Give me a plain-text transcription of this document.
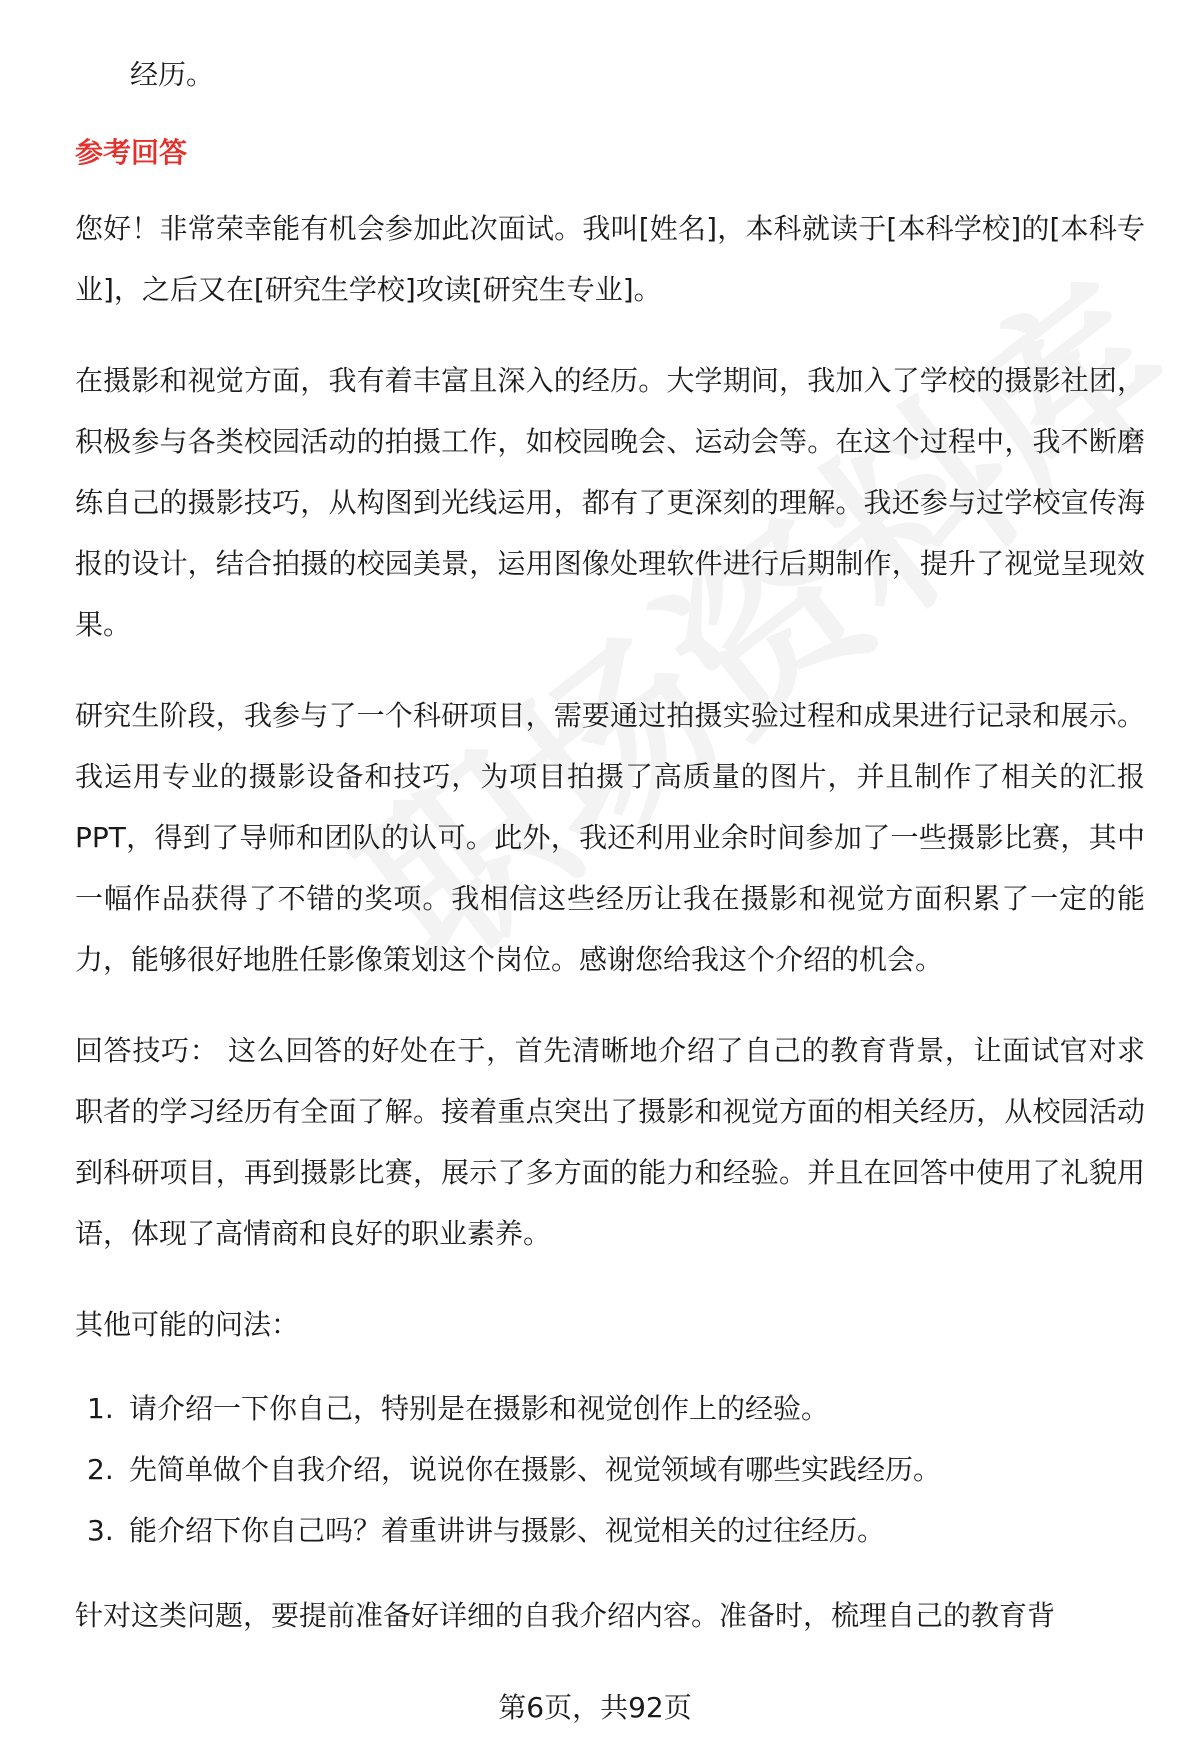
经历。

参考回答

您好！非常荣幸能有机会参加此次面试。我叫[姓名]，本科就读于[本科学校]的[本科专业]，之后又在[研究生学校]攻读[研究生专业]。

在摄影和视觉方面，我有着丰富且深入的经历。大学期间，我加入了学校的摄影社团，积极参与各类校园活动的拍摄工作，如校园晚会、运动会等。在这个过程中，我不断磨练自己的摄影技巧，从构图到光线运用，都有了更深刻的理解。我还参与过学校宣传海报的设计，结合拍摄的校园美景，运用图像处理软件进行后期制作，提升了视觉呈现效果。

研究生阶段，我参与了一个科研项目，需要通过拍摄实验过程和成果进行记录和展示。我运用专业的摄影设备和技巧，为项目拍摄了高质量的图片，并且制作了相关的汇报PPT，得到了导师和团队的认可。此外，我还利用业余时间参加了一些摄影比赛，其中一幅作品获得了不错的奖项。我相信这些经历让我在摄影和视觉方面积累了一定的能力，能够很好地胜任影像策划这个岗位。感谢您给我这个介绍的机会。

回答技巧： 这么回答的好处在于，首先清晰地介绍了自己的教育背景，让面试官对求职者的学习经历有全面了解。接着重点突出了摄影和视觉方面的相关经历，从校园活动到科研项目，再到摄影比赛，展示了多方面的能力和经验。并且在回答中使用了礼貌用语，体现了高情商和良好的职业素养。

其他可能的问法：

1. 请介绍一下你自己，特别是在摄影和视觉创作上的经验。
2. 先简单做个自我介绍，说说你在摄影、视觉领域有哪些实践经历。
3. 能介绍下你自己吗？着重讲讲与摄影、视觉相关的过往经历。

针对这类问题，要提前准备好详细的自我介绍内容。准备时，梳理自己的教育背

第6页，共92页
